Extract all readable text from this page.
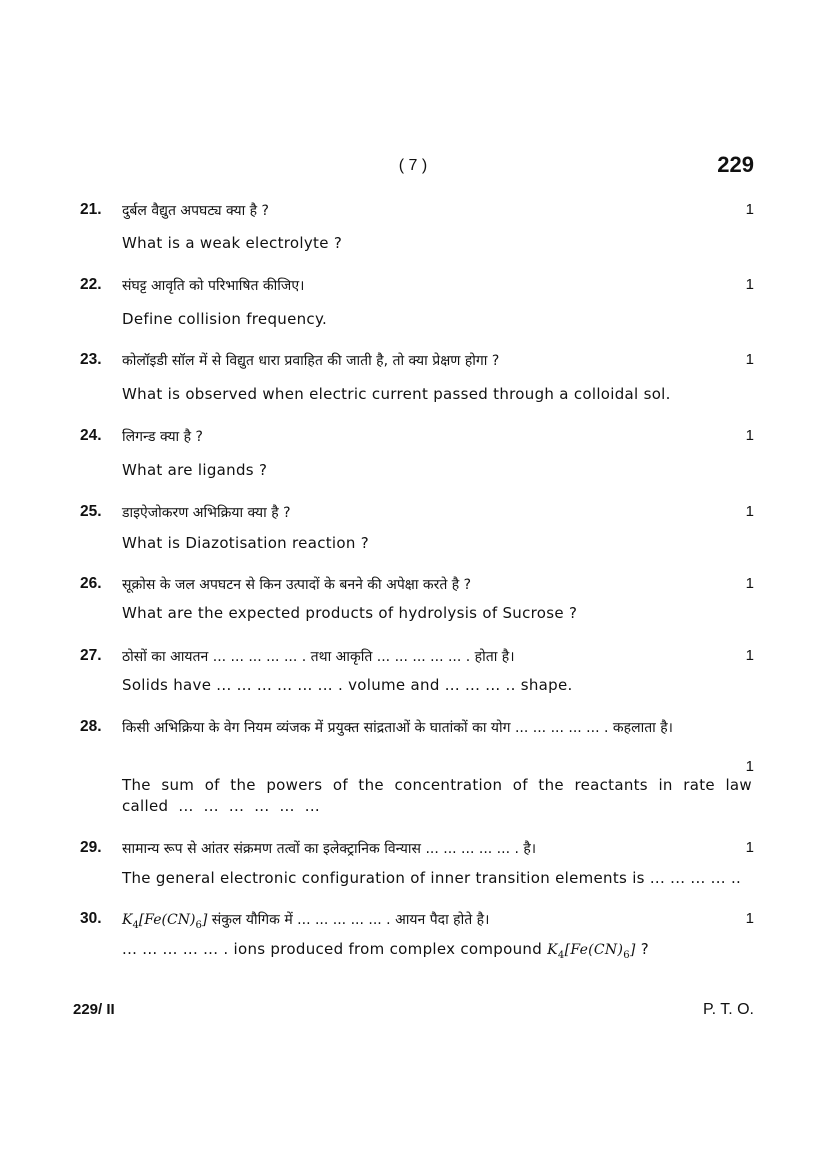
( 7 )	229
21. दुर्बल वैद्युत अपघट्य क्या है ?	1
What is a weak electrolyte ?
22. संघट्ट आवृति को परिभाषित कीजिए।	1
Define collision frequency.
23. कोलॉइडी सॉल में से विद्युत धारा प्रवाहित की जाती है, तो क्या प्रेक्षण होगा ?	1
What is observed when electric current passed through a colloidal sol.
24. लिगन्ड क्या है ?	1
What are ligands ?
25. डाइऐजोकरण अभिक्रिया क्या है ?	1
What is Diazotisation reaction ?
26. सूक्रोस के जल अपघटन से किन उत्पादों के बनने की अपेक्षा करते है ?	1
What are the expected products of hydrolysis of Sucrose ?
27. ठोसों का आयतन ... ... ... ... ... . तथा आकृति ... ... ... ... ... . होता है।	1
Solids have ... ... ... ... ... ... . volume and ... ... ... .. shape.
28. किसी अभिक्रिया के वेग नियम व्यंजक में प्रयुक्त सांद्रताओं के घातांकों का योग ... ... ... ... ... . कहलाता है।
1
The sum of the powers of the concentration of the reactants in rate law called ... ... ... ... ... ...
29. सामान्य रूप से आंतर संक्रमण तत्वों का इलेक्ट्रानिक विन्यास ... ... ... ... ... . है।	1
The general electronic configuration of inner transition elements is ... ... ... ... ..
30. $K_4[Fe(CN)_6]$ संकुल यौगिक में ... ... ... ... ... . आयन पैदा होते है।	1
... ... ... ... ... . ions produced from complex compound $K_4[Fe(CN)_6]$ ?
229/ II	P. T. O.
